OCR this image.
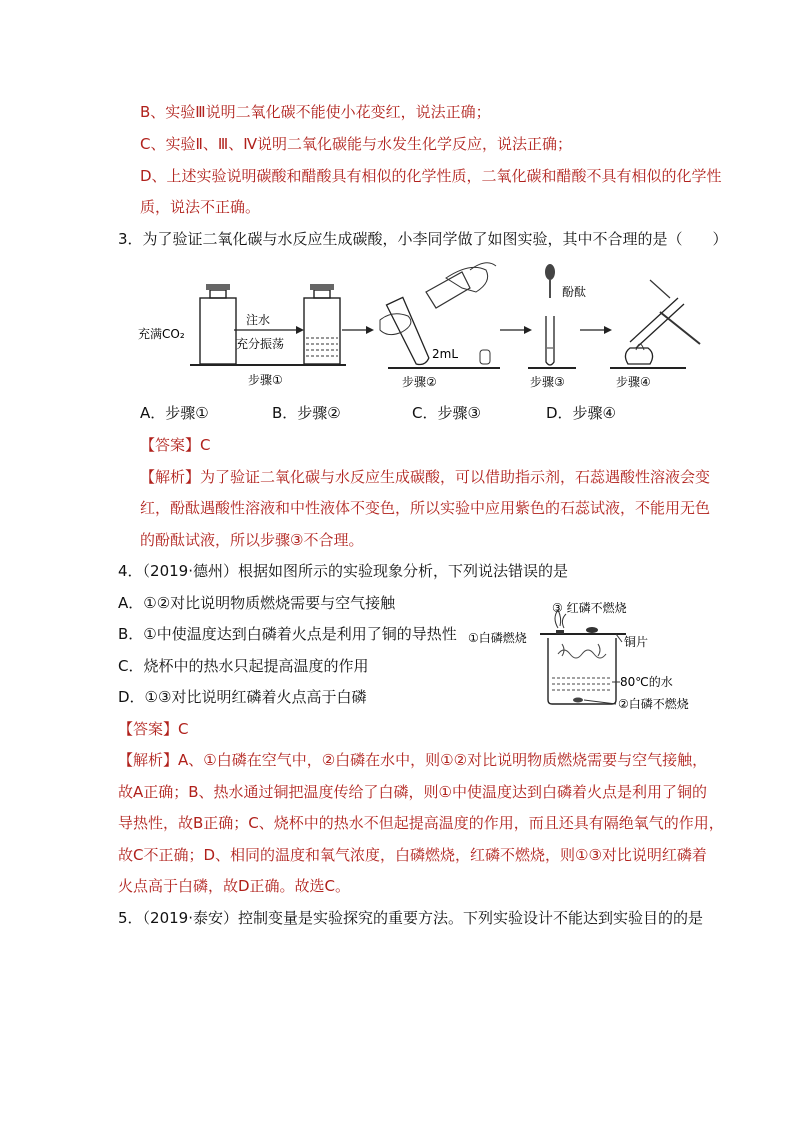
B、实验Ⅲ说明二氧化碳不能使小花变红，说法正确；
C、实验Ⅱ、Ⅲ、Ⅳ说明二氧化碳能与水发生化学反应，说法正确；
D、上述实验说明碳酸和醋酸具有相似的化学性质，二氧化碳和醋酸不具有相似的化学性
质，说法不正确。
3．为了验证二氧化碳与水反应生成碳酸，小李同学做了如图实验，其中不合理的是（　　）
充满CO₂
注水
充分振荡
步骤①
2mL
步骤②
酚酞
步骤③	步骤④
A．步骤①	B．步骤②	C．步骤③	D．步骤④
【答案】C
【解析】为了验证二氧化碳与水反应生成碳酸，可以借助指示剂，石蕊遇酸性溶液会变
红，酚酞遇酸性溶液和中性液体不变色，所以实验中应用紫色的石蕊试液，不能用无色
的酚酞试液，所以步骤③不合理。
4．（2019·德州）根据如图所示的实验现象分析，下列说法错误的是
A．①②对比说明物质燃烧需要与空气接触
B．①中使温度达到白磷着火点是利用了铜的导热性
C．烧杯中的热水只起提高温度的作用
D．①③对比说明红磷着火点高于白磷
③ 红磷不燃烧
①白磷燃烧	铜片
80℃的水
②白磷不燃烧
【答案】C
【解析】A、①白磷在空气中，②白磷在水中，则①②对比说明物质燃烧需要与空气接触，
故A正确；B、热水通过铜把温度传给了白磷，则①中使温度达到白磷着火点是利用了铜的
导热性，故B正确；C、烧杯中的热水不但起提高温度的作用，而且还具有隔绝氧气的作用，
故C不正确；D、相同的温度和氧气浓度，白磷燃烧，红磷不燃烧，则①③对比说明红磷着
火点高于白磷，故D正确。故选C。
5．（2019·泰安）控制变量是实验探究的重要方法。下列实验设计不能达到实验目的的是
